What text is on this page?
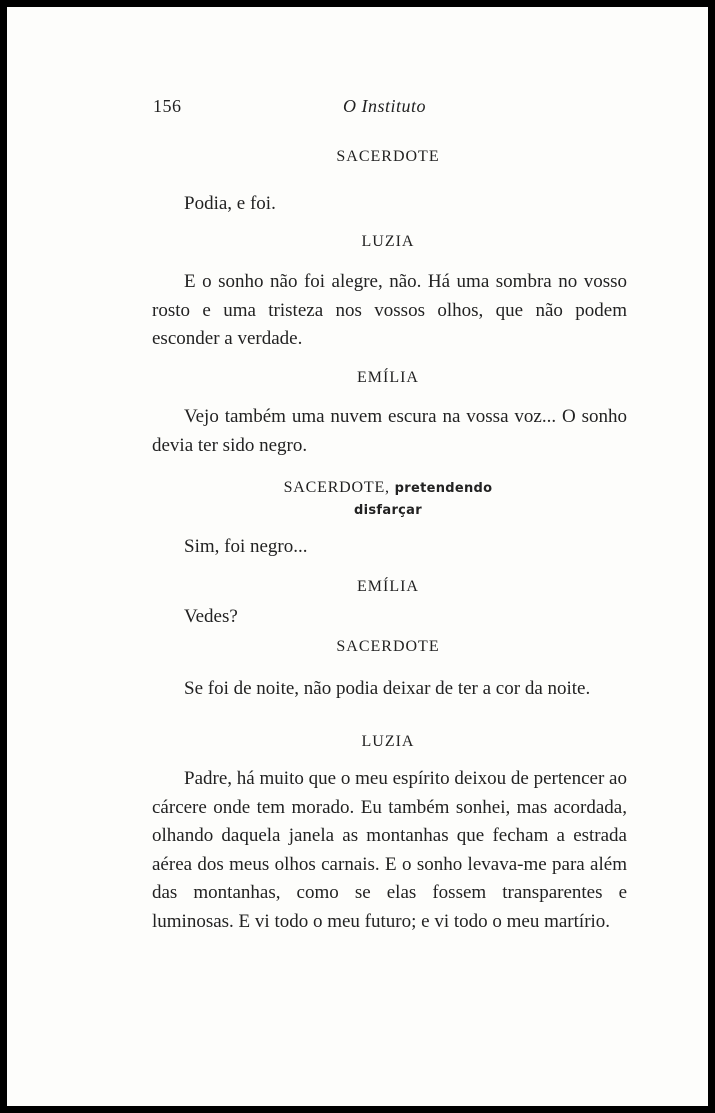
156	O Instituto
SACERDOTE
Podia, e foi.
LUZIA
E o sonho não foi alegre, não. Há uma sombra no vosso rosto e uma tristeza nos vossos olhos, que não podem esconder a verdade.
EMÍLIA
Vejo também uma nuvem escura na vossa voz... O sonho devia ter sido negro.
SACERDOTE, pretendendo
disfarçar
Sim, foi negro...
EMÍLIA
Vedes?
SACERDOTE
Se foi de noite, não podia deixar de ter a cor da noite.
LUZIA
Padre, há muito que o meu espírito deixou de pertencer ao cárcere onde tem morado. Eu também sonhei, mas acordada, olhando daquela janela as montanhas que fecham a estrada aérea dos meus olhos carnais. E o sonho levava-me para além das montanhas, como se elas fossem transparentes e luminosas. E vi todo o meu futuro; e vi todo o meu martírio.
